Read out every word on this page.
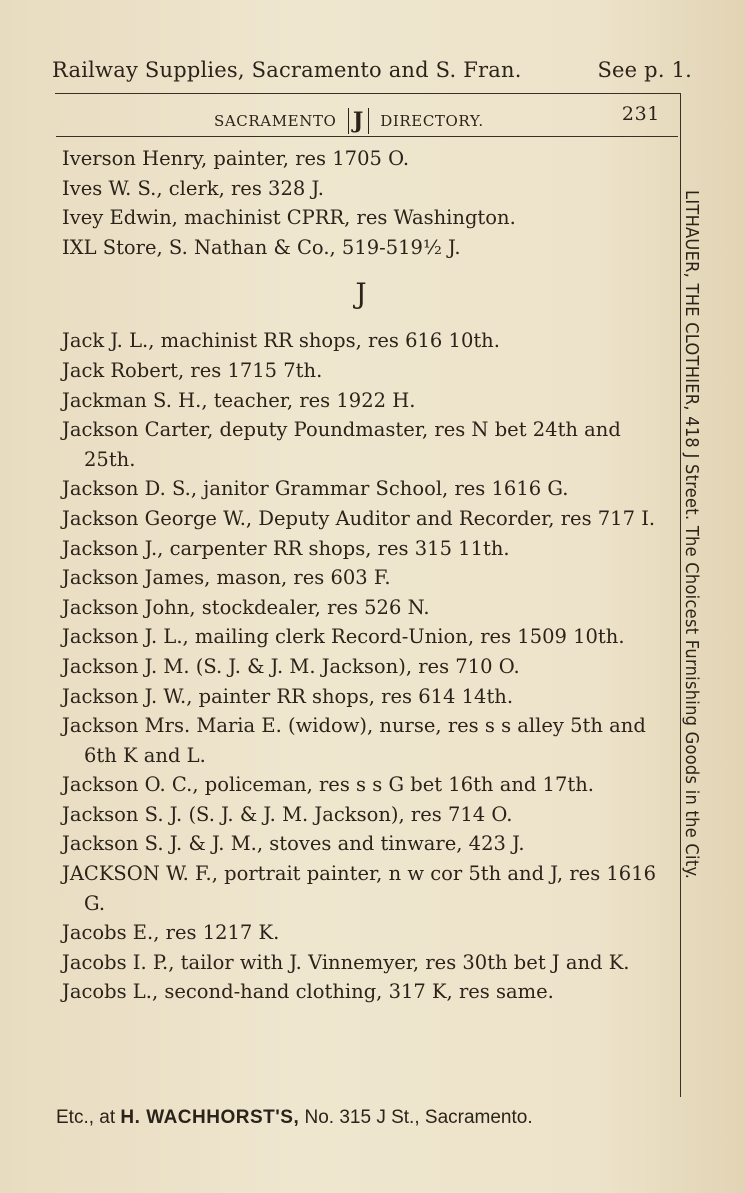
Railway Supplies, Sacramento and S. Fran.	See p. 1.
SACRAMENTO J DIRECTORY.	231
Iverson Henry, painter, res 1705 O.
Ives W. S., clerk, res 328 J.
Ivey Edwin, machinist CPRR, res Washington.
IXL Store, S. Nathan & Co., 519-519½ J.
J
Jack J. L., machinist RR shops, res 616 10th.
Jack Robert, res 1715 7th.
Jackman S. H., teacher, res 1922 H.
Jackson Carter, deputy Poundmaster, res N bet 24th and 25th.
Jackson D. S., janitor Grammar School, res 1616 G.
Jackson George W., Deputy Auditor and Recorder, res 717 I.
Jackson J., carpenter RR shops, res 315 11th.
Jackson James, mason, res 603 F.
Jackson John, stockdealer, res 526 N.
Jackson J. L., mailing clerk Record-Union, res 1509 10th.
Jackson J. M. (S. J. & J. M. Jackson), res 710 O.
Jackson J. W., painter RR shops, res 614 14th.
Jackson Mrs. Maria E. (widow), nurse, res s s alley 5th and 6th K and L.
Jackson O. C., policeman, res s s G bet 16th and 17th.
Jackson S. J. (S. J. & J. M. Jackson), res 714 O.
Jackson S. J. & J. M., stoves and tinware, 423 J.
JACKSON W. F., portrait painter, n w cor 5th and J, res 1616 G.
Jacobs E., res 1217 K.
Jacobs I. P., tailor with J. Vinnemyer, res 30th bet J and K.
Jacobs L., second-hand clothing, 317 K, res same.
LITHAUER, THE CLOTHIER, 418 J Street. The Choicest Furnishing Goods in the City.
Etc., at H. WACHHORST'S, No. 315 J St., Sacramento.
